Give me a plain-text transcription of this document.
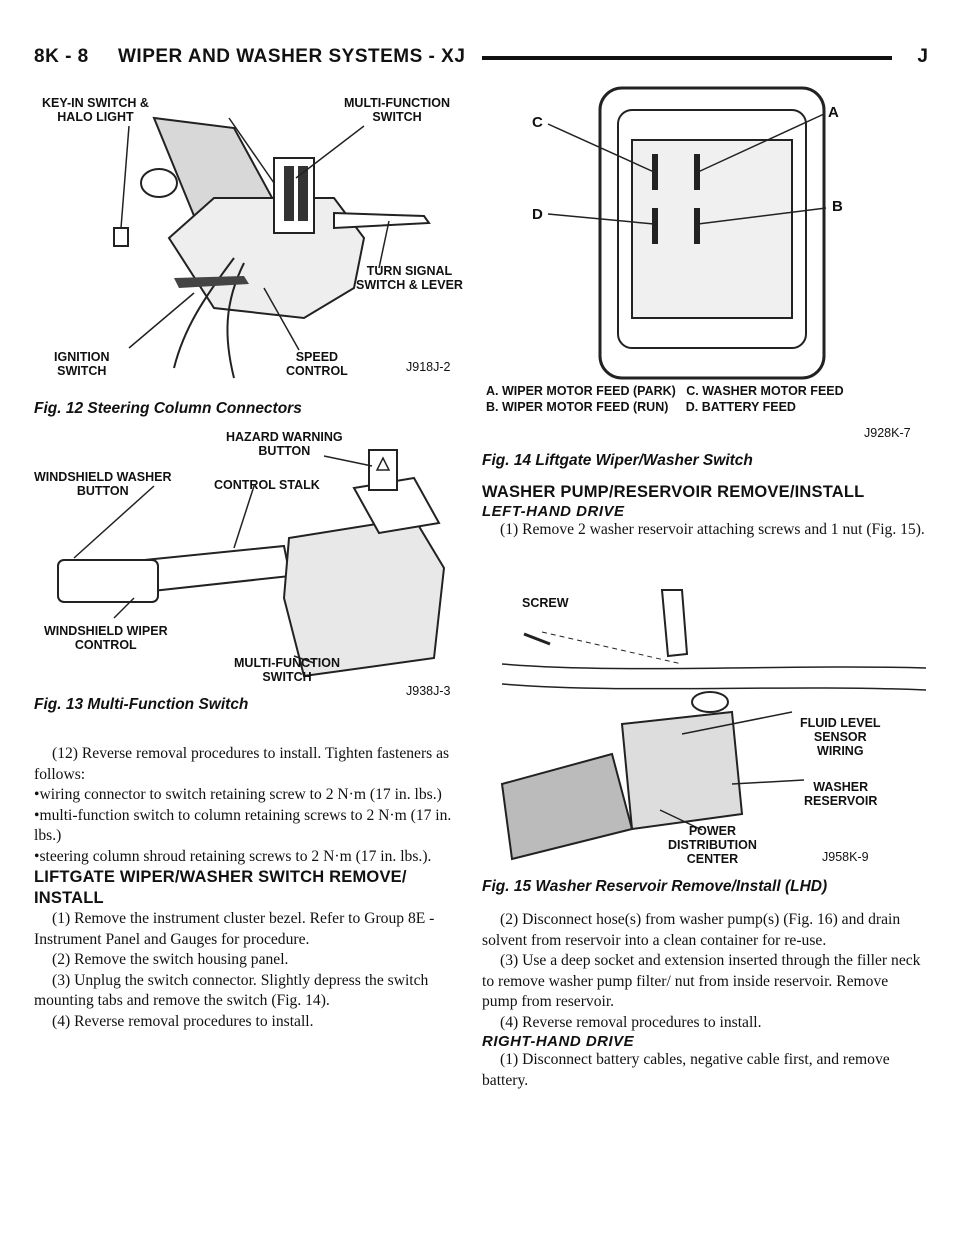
8K - 8 WIPER AND WASHER SYSTEMS - XJ	J
KEY-IN SWITCH &
HALO LIGHT
MULTI-FUNCTION
SWITCH
TURN SIGNAL
SWITCH & LEVER
IGNITION
SWITCH
SPEED
CONTROL	J918J-2
Fig. 12 Steering Column Connectors
HAZARD WARNING
BUTTON
WINDSHIELD WASHER
BUTTON	CONTROL STALK
WINDSHIELD WIPER
CONTROL
MULTI-FUNCTION
SWITCH
J938J-3
Fig. 13 Multi-Function Switch
C
A
D	B
A. WIPER MOTOR FEED (PARK)   C. WASHER MOTOR FEED
B. WIPER MOTOR FEED (RUN)     D. BATTERY FEED
J928K-7
Fig. 14 Liftgate Wiper/Washer Switch
SCREW
FLUID LEVEL
SENSOR
WIRING
WASHER
RESERVOIR
POWER
DISTRIBUTION
CENTER	J958K-9
Fig. 15 Washer Reservoir Remove/Install (LHD)

(12) Reverse removal procedures to install. Tighten fasteners as follows:

•wiring connector to switch retaining screw to 2 N·m (17 in. lbs.)

•multi-function switch to column retaining screws to 2 N·m (17 in. lbs.)

•steering column shroud retaining screws to 2 N·m (17 in. lbs.).

LIFTGATE WIPER/WASHER SWITCH REMOVE/ INSTALL

(1) Remove the instrument cluster bezel. Refer to Group 8E - Instrument Panel and Gauges for procedure.

(2) Remove the switch housing panel.

(3) Unplug the switch connector. Slightly depress the switch mounting tabs and remove the switch (Fig. 14).

(4) Reverse removal procedures to install.

WASHER PUMP/RESERVOIR REMOVE/INSTALL

LEFT-HAND DRIVE

(1) Remove 2 washer reservoir attaching screws and 1 nut (Fig. 15).

(2) Disconnect hose(s) from washer pump(s) (Fig. 16) and drain solvent from reservoir into a clean container for re-use.

(3) Use a deep socket and extension inserted through the filler neck to remove washer pump filter/ nut from inside reservoir. Remove pump from reservoir.

(4) Reverse removal procedures to install.

RIGHT-HAND DRIVE

(1) Disconnect battery cables, negative cable first, and remove battery.
